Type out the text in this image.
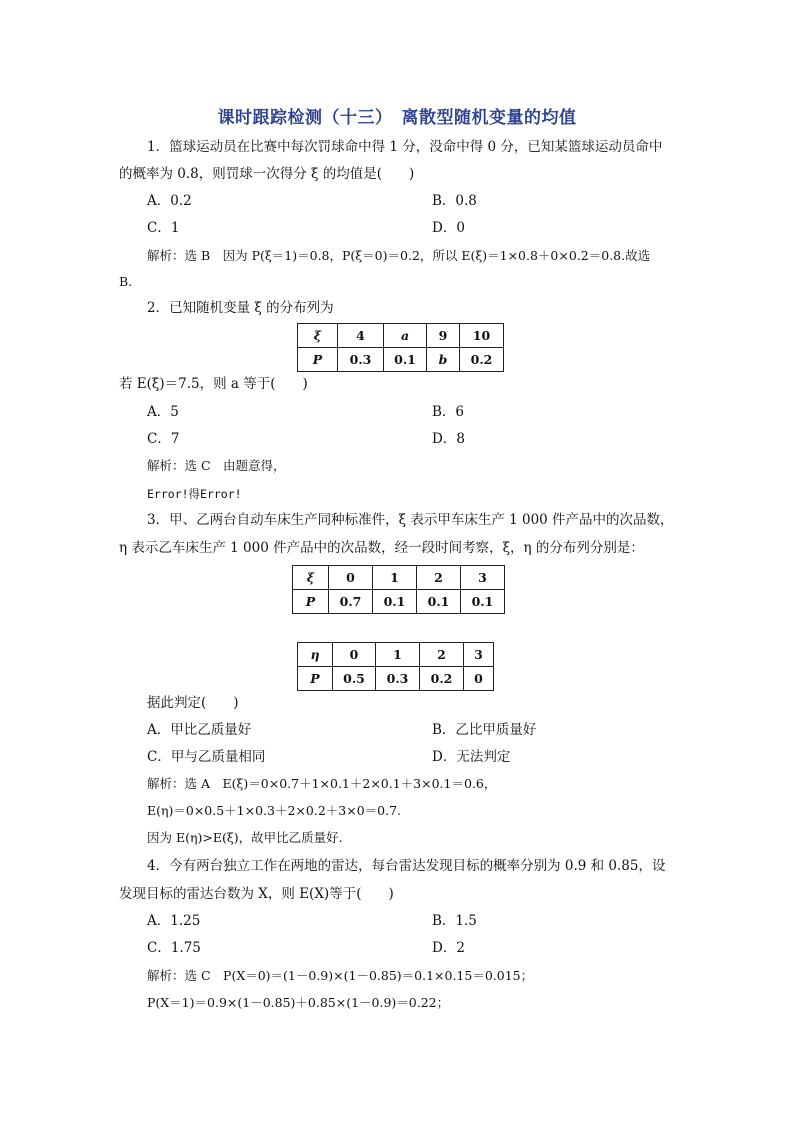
课时跟踪检测（十三）　离散型随机变量的均值
1．篮球运动员在比赛中每次罚球命中得 1 分，没命中得 0 分，已知某篮球运动员命中
的概率为 0.8，则罚球一次得分 ξ 的均值是(　　)
A．0.2	B．0.8
C．1	D．0
解析：选 B　因为 P(ξ＝1)＝0.8，P(ξ＝0)＝0.2，所以 E(ξ)＝1×0.8＋0×0.2＝0.8.故选
B.
2．已知随机变量 ξ 的分布列为
ξ	4	a	9	10
P	0.3	0.1	b	0.2
若 E(ξ)＝7.5，则 a 等于(　　)
A．5	B．6
C．7	D．8
解析：选 C　由题意得，
Error!得Error!
3．甲、乙两台自动车床生产同种标准件，ξ 表示甲车床生产 1 000 件产品中的次品数，
η 表示乙车床生产 1 000 件产品中的次品数，经一段时间考察，ξ，η 的分布列分别是：
ξ	0	1	2	3
P	0.7	0.1	0.1	0.1
η	0	1	2	3
P	0.5	0.3	0.2	0
据此判定(　　)
A．甲比乙质量好	B．乙比甲质量好
C．甲与乙质量相同	D．无法判定
解析：选 A　E(ξ)＝0×0.7＋1×0.1＋2×0.1＋3×0.1＝0.6，
E(η)＝0×0.5＋1×0.3＋2×0.2＋3×0＝0.7.
因为 E(η)>E(ξ)，故甲比乙质量好.
4．今有两台独立工作在两地的雷达，每台雷达发现目标的概率分别为 0.9 和 0.85，设
发现目标的雷达台数为 X，则 E(X)等于(　　)
A．1.25	B．1.5
C．1.75	D．2
解析：选 C　P(X＝0)＝(1－0.9)×(1－0.85)＝0.1×0.15＝0.015；
P(X＝1)＝0.9×(1－0.85)＋0.85×(1－0.9)＝0.22；
